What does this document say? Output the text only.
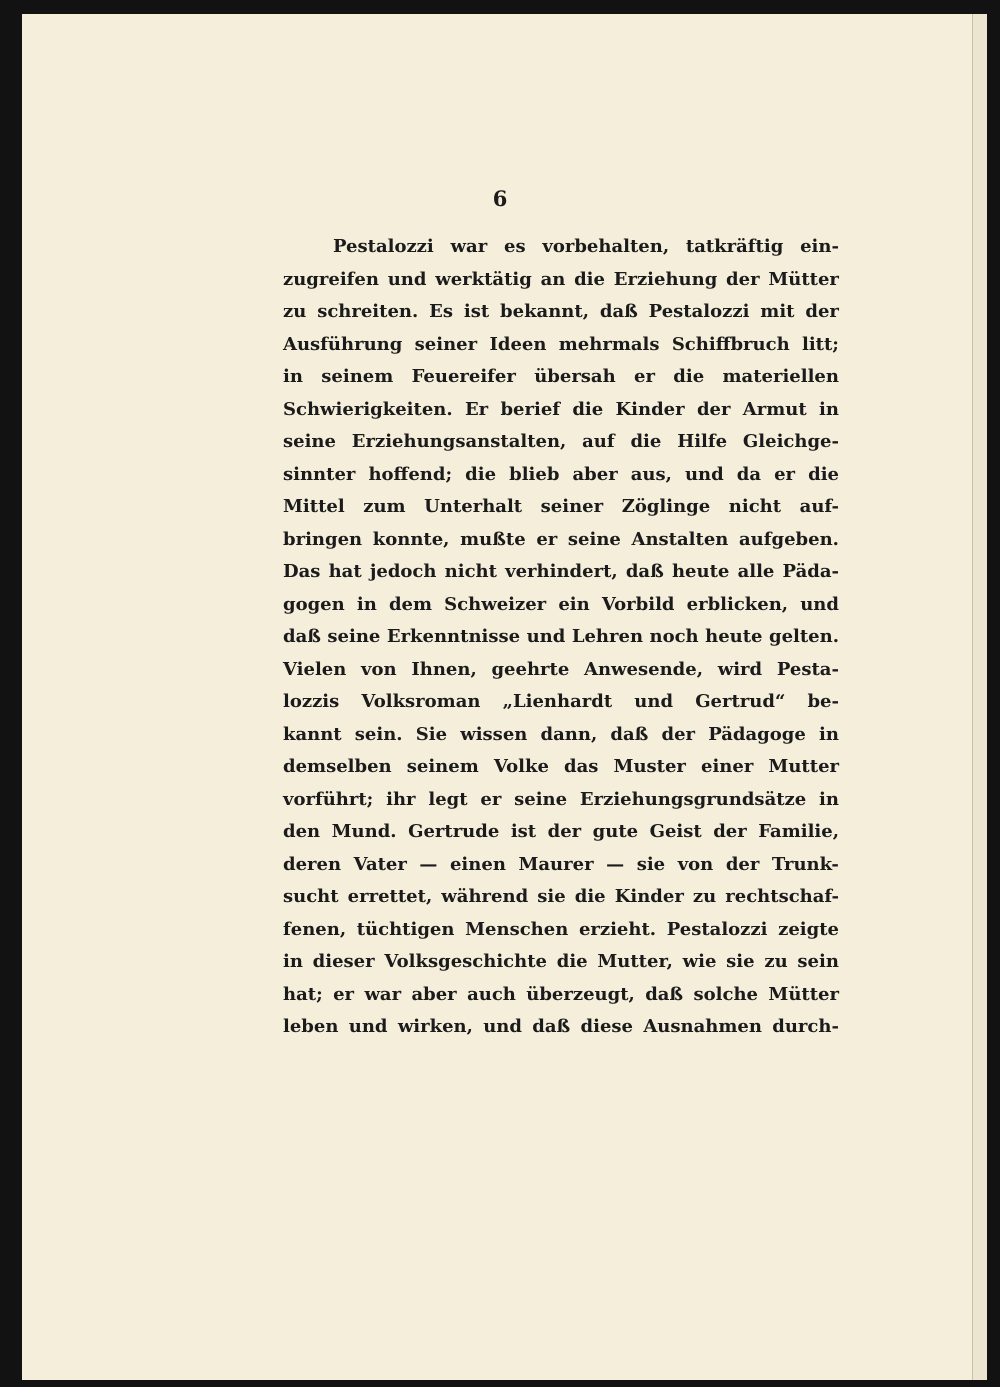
6
Pestalozzi war es vorbehalten, tatkräftig ein-
zugreifen und werktätig an die Erziehung der Mütter
zu schreiten. Es ist bekannt, daß Pestalozzi mit der
Ausführung seiner Ideen mehrmals Schiffbruch litt;
in seinem Feuereifer übersah er die materiellen
Schwierigkeiten. Er berief die Kinder der Armut in
seine Erziehungsanstalten, auf die Hilfe Gleichge-
sinnter hoffend; die blieb aber aus, und da er die
Mittel zum Unterhalt seiner Zöglinge nicht auf-
bringen konnte, mußte er seine Anstalten aufgeben.
Das hat jedoch nicht verhindert, daß heute alle Päda-
gogen in dem Schweizer ein Vorbild erblicken, und
daß seine Erkenntnisse und Lehren noch heute gelten.
Vielen von Ihnen, geehrte Anwesende, wird Pesta-
lozzis Volksroman „Lienhardt und Gertrud“ be-
kannt sein. Sie wissen dann, daß der Pädagoge in
demselben seinem Volke das Muster einer Mutter
vorführt; ihr legt er seine Erziehungsgrundsätze in
den Mund. Gertrude ist der gute Geist der Familie,
deren Vater — einen Maurer — sie von der Trunk-
sucht errettet, während sie die Kinder zu rechtschaf-
fenen, tüchtigen Menschen erzieht. Pestalozzi zeigte
in dieser Volksgeschichte die Mutter, wie sie zu sein
hat; er war aber auch überzeugt, daß solche Mütter
leben und wirken, und daß diese Ausnahmen durch-
